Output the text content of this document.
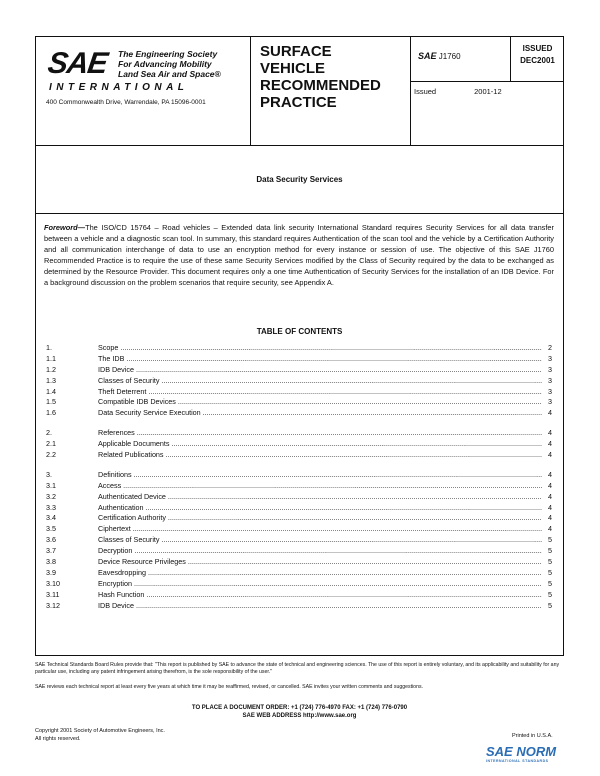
SAE The Engineering Society
For Advancing Mobility
Land Sea Air and Space®
INTERNATIONAL
400 Commonwealth Drive, Warrendale, PA 15096-0001
SURFACE
VEHICLE
RECOMMENDED
PRACTICE
SAE J1760
ISSUED
DEC2001
Issued	2001-12
Data Security Services
Foreword—The ISO/CD 15764 – Road vehicles – Extended data link security International Standard requires Security Services for all data transfer between a vehicle and a diagnostic scan tool. In summary, this standard requires Authentication of the scan tool and the vehicle by a Certification Authority and all communication interchange of data to use an encryption method for every instance or session of use. The objective of this SAE J1760 Recommended Practice is to require the use of these same Security Services modified by the Class of Security required by the data to be exchanged as determined by the Resource Provider. This document requires only a one time Authentication of Security Services for the installation of an IDB Device. For a background discussion on the problem scenarios that require security, see Appendix A.
TABLE OF CONTENTS
1.	Scope .....	2
1.1	The IDB .....	3
1.2	IDB Device .....	3
1.3	Classes of Security .....	3
1.4	Theft Deterrent .....	3
1.5	Compatible IDB Devices .....	3
1.6	Data Security Service Execution .....	4
2.	References .....	4
2.1	Applicable Documents .....	4
2.2	Related Publications .....	4
3.	Definitions .....	4
3.1	Access .....	4
3.2	Authenticated Device .....	4
3.3	Authentication .....	4
3.4	Certification Authority .....	4
3.5	Ciphertext .....	4
3.6	Classes of Security .....	5
3.7	Decryption .....	5
3.8	Device Resource Privileges .....	5
3.9	Eavesdropping .....	5
3.10	Encryption .....	5
3.11	Hash Function .....	5
3.12	IDB Device .....	5

SAE Technical Standards Board Rules provide that: "This report is published by SAE to advance the state of technical and engineering sciences. The use of this report is entirely voluntary, and its applicability and suitability for any particular use, including any patent infringement arising therefrom, is the sole responsibility of the user."

SAE reviews each technical report at least every five years at which time it may be reaffirmed, revised, or cancelled. SAE invites your written comments and suggestions.

TO PLACE A DOCUMENT ORDER: +1 (724) 776-4970 FAX: +1 (724) 776-0790
SAE WEB ADDRESS http://www.sae.org
Copyright 2001 Society of Automotive Engineers, Inc.
All rights reserved.	Printed in U.S.A.
SAE NORM
INTERNATIONAL STANDARDS
